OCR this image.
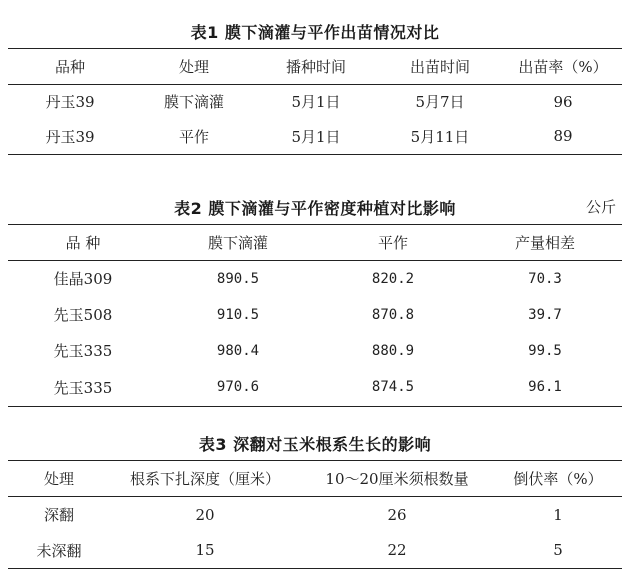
表1 膜下滴灌与平作出苗情况对比
品种	处理	播种时间	出苗时间	出苗率（%）
丹玉39	膜下滴灌	5月1日	5月7日	96
丹玉39	平作	5月1日	5月11日	89
表2 膜下滴灌与平作密度种植对比影响	公斤
品 种	膜下滴灌	平作	产量相差
佳晶309	890.5	820.2	70.3
先玉508	910.5	870.8	39.7
先玉335	980.4	880.9	99.5
先玉335	970.6	874.5	96.1
表3 深翻对玉米根系生长的影响
处理	根系下扎深度（厘米）	10～20厘米须根数量	倒伏率（%）
深翻	20	26	1
未深翻	15	22	5
